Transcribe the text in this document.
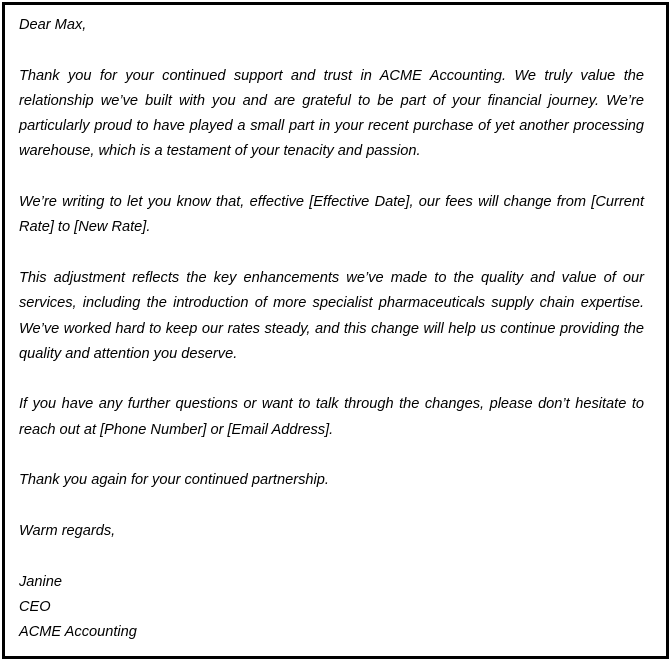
Dear Max,

Thank you for your continued support and trust in ACME Accounting. We truly value the relationship we’ve built with you and are grateful to be part of your financial journey. We’re particularly proud to have played a small part in your recent purchase of yet another processing warehouse, which is a testament of your tenacity and passion.

We’re writing to let you know that, effective [Effective Date], our fees will change from [Current Rate] to [New Rate].

This adjustment reflects the key enhancements we’ve made to the quality and value of our services, including the introduction of more specialist pharmaceuticals supply chain expertise. We’ve worked hard to keep our rates steady, and this change will help us continue providing the quality and attention you deserve.

If you have any further questions or want to talk through the changes, please don’t hesitate to reach out at [Phone Number] or [Email Address].

Thank you again for your continued partnership.

Warm regards,

Janine
CEO
ACME Accounting
